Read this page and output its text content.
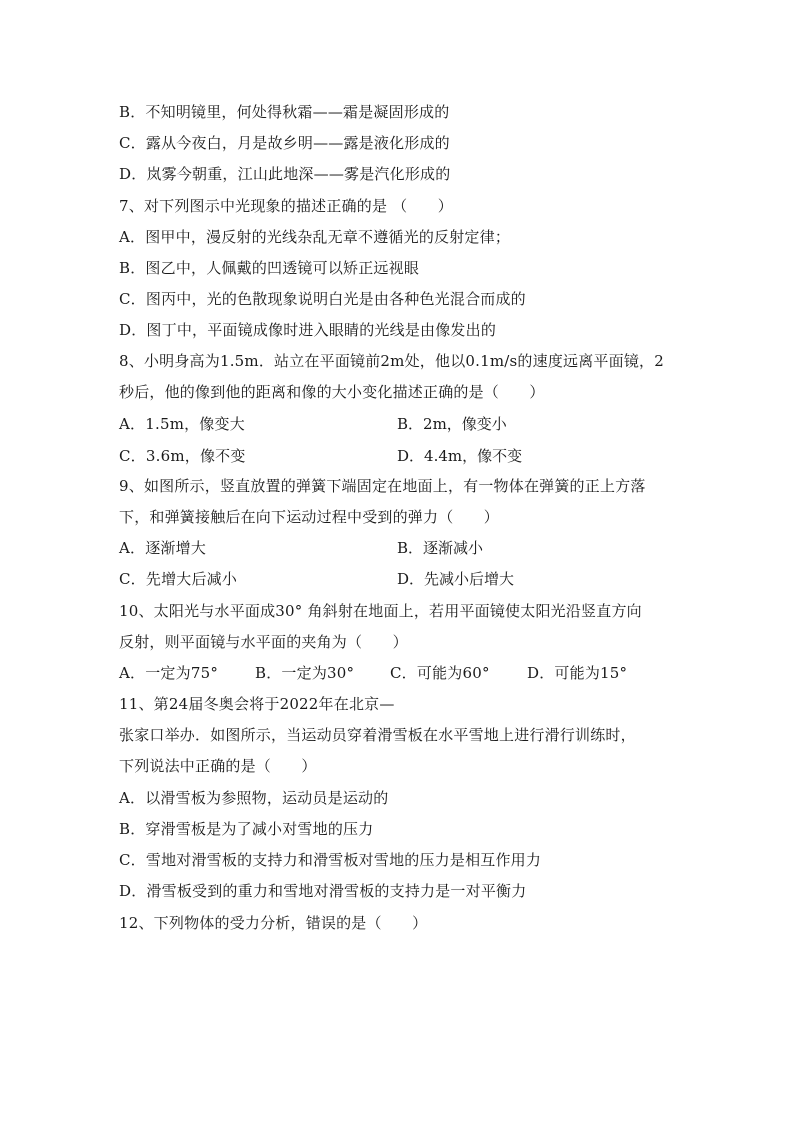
B．不知明镜里，何处得秋霜——霜是凝固形成的
C．露从今夜白，月是故乡明——露是液化形成的
D．岚雾今朝重，江山此地深——雾是汽化形成的
7、对下列图示中光现象的描述正确的是 （　　）
A．图甲中，漫反射的光线杂乱无章不遵循光的反射定律；
B．图乙中，人佩戴的凹透镜可以矫正远视眼
C．图丙中，光的色散现象说明白光是由各种色光混合而成的
D．图丁中，平面镜成像时进入眼睛的光线是由像发出的
8、小明身高为1.5m．站立在平面镜前2m处，他以0.1m/s的速度远离平面镜，2
秒后，他的像到他的距离和像的大小变化描述正确的是（　　）
A．1.5m，像变大	B．2m，像变小
C．3.6m，像不变	D．4.4m，像不变
9、如图所示，竖直放置的弹簧下端固定在地面上，有一物体在弹簧的正上方落
下，和弹簧接触后在向下运动过程中受到的弹力（　　）
A．逐渐增大	B．逐渐减小
C．先增大后减小	D．先减小后增大
10、太阳光与水平面成30° 角斜射在地面上，若用平面镜使太阳光沿竖直方向
反射，则平面镜与水平面的夹角为（　　）
A．一定为75° B．一定为30° C．可能为60° D．可能为15°
11、第24届冬奥会将于2022年在北京—
张家口举办．如图所示，当运动员穿着滑雪板在水平雪地上进行滑行训练时，
下列说法中正确的是（　　）
A．以滑雪板为参照物，运动员是运动的
B．穿滑雪板是为了减小对雪地的压力
C．雪地对滑雪板的支持力和滑雪板对雪地的压力是相互作用力
D．滑雪板受到的重力和雪地对滑雪板的支持力是一对平衡力
12、下列物体的受力分析，错误的是（　　）
